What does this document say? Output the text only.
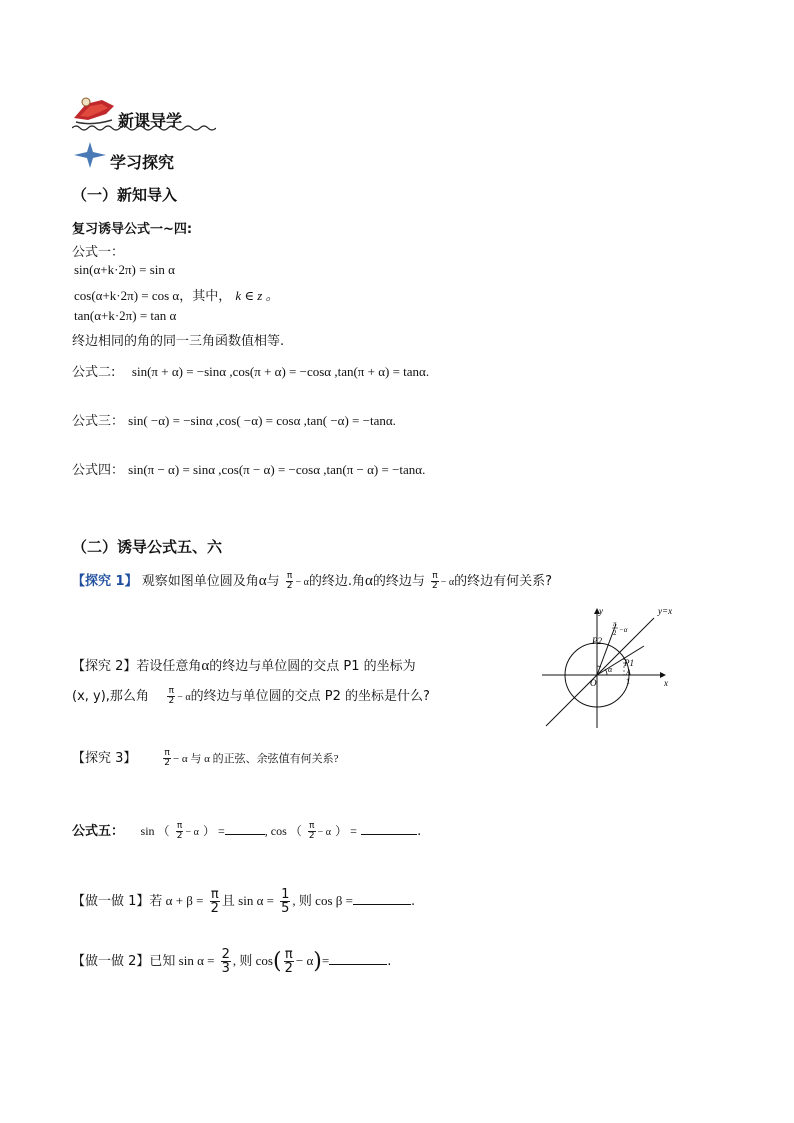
新课导学
学习探究
（一）新知导入
复习诱导公式一~四:
公式一：
sin(α+k·2π) = sin α
cos(α+k·2π) = cos α，其中， k ∈ z 。
tan(α+k·2π) = tan α
终边相同的角的同一三角函数值相等.
公式二: sin(π + α) = −sinα ,cos(π + α) = −cosα ,tan(π + α) = tanα.
公式三： sin( −α) = −sinα ,cos( −α) = cosα ,tan( −α) = −tanα.
公式四： sin(π − α) = sinα ,cos(π − α) = −cosα ,tan(π − α) = −tanα.
（二）诱导公式五、六
【探究 1】 观察如图单位圆及角α与 $\frac{\pi}{2} - \alpha$的终边.角α的终边与 $\frac{\pi}{2} - \alpha$的终边有何关系?
y=x
y
x
O
P1
P2
A
1
α
π
2 −α
【探究 2】若设任意角α的终边与单位圆的交点 P1 的坐标为
(x, y),那么角 $\frac{\pi}{2} - \alpha$的终边与单位圆的交点 P2 的坐标是什么?
【探究 3】	$\frac{\pi}{2} - \alpha$ 与 α 的正弦、余弦值有何关系?
公式五： sin （ $\frac{\pi}{2} - \alpha$ ） =	, cos （ $\frac{\pi}{2} - \alpha$ ） =	.
【做一做 1】若 $\alpha + \beta = \frac{\pi}{2}$ 且 $\sin \alpha = \frac{1}{5}$ , 则 cos β =	.
【做一做 2】已知 $\sin \alpha = \frac{2}{3}$ , 则 $\cos( \frac{\pi}{2} - \alpha)=$	.
